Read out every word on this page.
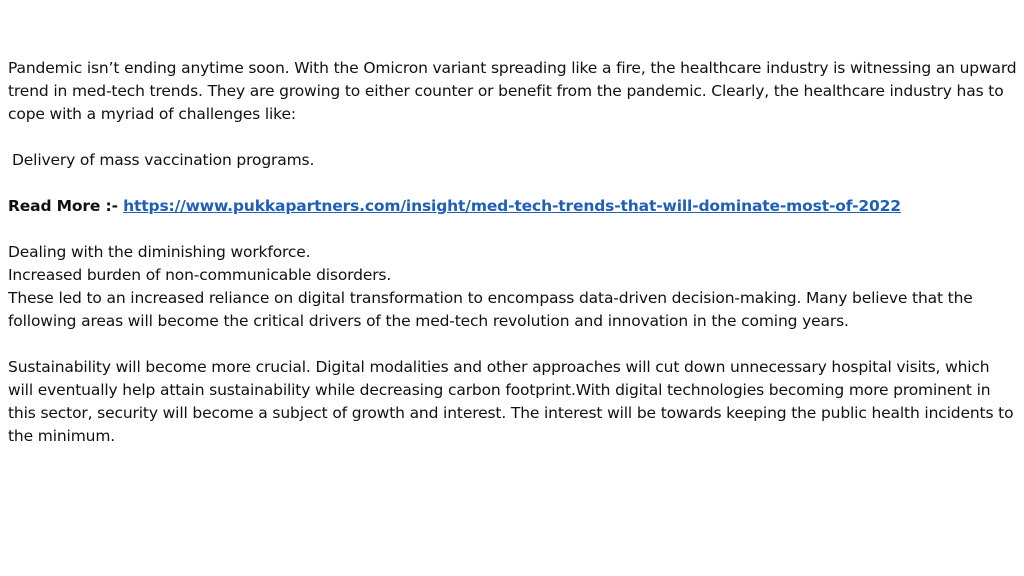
Pandemic isn’t ending anytime soon. With the Omicron variant spreading like a fire, the healthcare industry is witnessing an upward trend in med-tech trends. They are growing to either counter or benefit from the pandemic. Clearly, the healthcare industry has to cope with a myriad of challenges like:

Delivery of mass vaccination programs.

Read More :- https://www.pukkapartners.com/insight/med-tech-trends-that-will-dominate-most-of-2022

Dealing with the diminishing workforce.

Increased burden of non-communicable disorders.

These led to an increased reliance on digital transformation to encompass data-driven decision-making. Many believe that the following areas will become the critical drivers of the med-tech revolution and innovation in the coming years.

Sustainability will become more crucial. Digital modalities and other approaches will cut down unnecessary hospital visits, which will eventually help attain sustainability while decreasing carbon footprint.With digital technologies becoming more prominent in this sector, security will become a subject of growth and interest. The interest will be towards keeping the public health incidents to the minimum.
